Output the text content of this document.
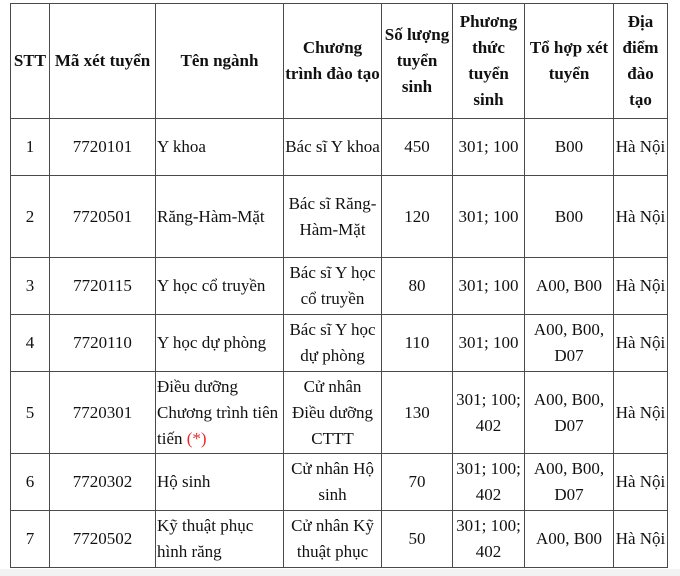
STT	Mã xét tuyển	Tên ngành	Chương trình đào tạo	Số lượng tuyển sinh	Phương thức tuyển sinh	Tổ hợp xét tuyển	Địa điểm đào tạo
1	7720101	Y khoa	Bác sĩ Y khoa	450	301; 100	B00	Hà Nội
2	7720501	Răng-Hàm-Mặt	Bác sĩ Răng-Hàm-Mặt	120	301; 100	B00	Hà Nội
3	7720115	Y học cổ truyền	Bác sĩ Y học cổ truyền	80	301; 100	A00, B00	Hà Nội
4	7720110	Y học dự phòng	Bác sĩ Y học dự phòng	110	301; 100	A00, B00, D07	Hà Nội
5	7720301	Điều dưỡng Chương trình tiên tiến (*)	Cử nhân Điều dưỡng CTTT	130	301; 100; 402	A00, B00, D07	Hà Nội
6	7720302	Hộ sinh	Cử nhân Hộ sinh	70	301; 100; 402	A00, B00, D07	Hà Nội
7	7720502	Kỹ thuật phục hình răng	Cử nhân Kỹ thuật phục	50	301; 100; 402	A00, B00	Hà Nội
